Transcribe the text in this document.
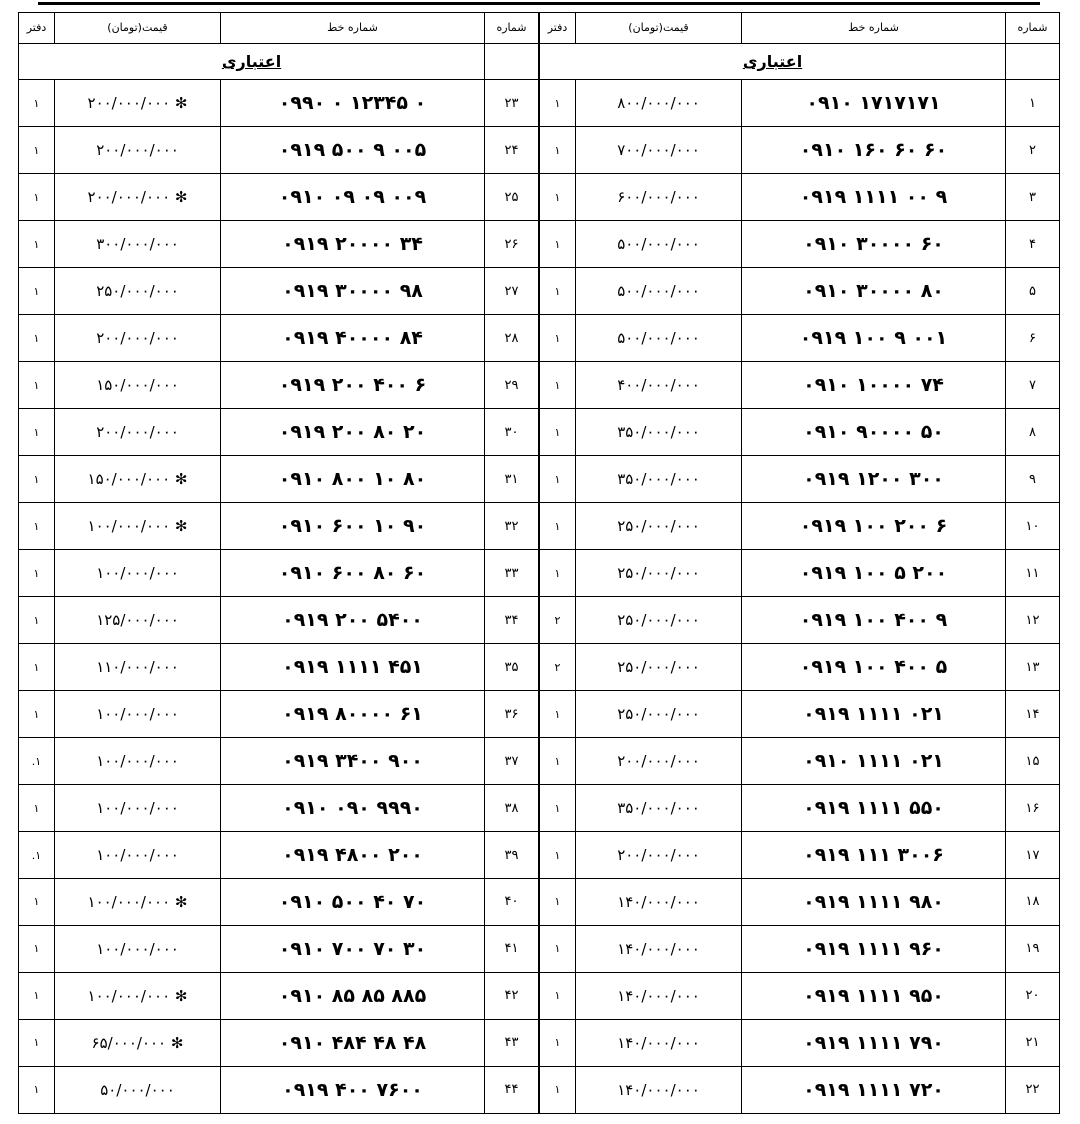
شماره	شماره خط	قیمت(تومان)	دفتر
	اعتباری		
۱	۰۹۱۰ ۱۷۱۷۱۷۱	۸۰۰/۰۰۰/۰۰۰	۱
۲	۰۹۱۰ ۱۶۰ ۶۰ ۶۰	۷۰۰/۰۰۰/۰۰۰	۱
۳	۰۹۱۹ ۱۱۱۱ ۰۰ ۹	۶۰۰/۰۰۰/۰۰۰	۱
۴	۰۹۱۰ ۳۰۰۰۰ ۶۰	۵۰۰/۰۰۰/۰۰۰	۱
۵	۰۹۱۰ ۳۰۰۰۰ ۸۰	۵۰۰/۰۰۰/۰۰۰	۱
۶	۰۹۱۹ ۱۰۰ ۹ ۰۰۱	۵۰۰/۰۰۰/۰۰۰	۱
۷	۰۹۱۰ ۱۰۰۰۰ ۷۴	۴۰۰/۰۰۰/۰۰۰	۱
۸	۰۹۱۰ ۹۰۰۰۰ ۵۰	۳۵۰/۰۰۰/۰۰۰	۱
۹	۰۹۱۹ ۱۲۰۰ ۳۰۰	۳۵۰/۰۰۰/۰۰۰	۱
۱۰	۰۹۱۹ ۱۰۰ ۲۰۰ ۶	۲۵۰/۰۰۰/۰۰۰	۱
۱۱	۰۹۱۹ ۱۰۰ ۵ ۲۰۰	۲۵۰/۰۰۰/۰۰۰	۱
۱۲	۰۹۱۹ ۱۰۰ ۴۰۰ ۹	۲۵۰/۰۰۰/۰۰۰	۲
۱۳	۰۹۱۹ ۱۰۰ ۴۰۰ ۵	۲۵۰/۰۰۰/۰۰۰	۲
۱۴	۰۹۱۹ ۱۱۱۱ ۰۲۱	۲۵۰/۰۰۰/۰۰۰	۱
۱۵	۰۹۱۰ ۱۱۱۱ ۰۲۱	۲۰۰/۰۰۰/۰۰۰	۱
۱۶	۰۹۱۹ ۱۱۱۱ ۵۵۰	۳۵۰/۰۰۰/۰۰۰	۱
۱۷	۰۹۱۹ ۱۱۱ ۳۰۰۶	۲۰۰/۰۰۰/۰۰۰	۱
۱۸	۰۹۱۹ ۱۱۱۱ ۹۸۰	۱۴۰/۰۰۰/۰۰۰	۱
۱۹	۰۹۱۹ ۱۱۱۱ ۹۶۰	۱۴۰/۰۰۰/۰۰۰	۱
۲۰	۰۹۱۹ ۱۱۱۱ ۹۵۰	۱۴۰/۰۰۰/۰۰۰	۱
۲۱	۰۹۱۹ ۱۱۱۱ ۷۹۰	۱۴۰/۰۰۰/۰۰۰	۱
۲۲	۰۹۱۹ ۱۱۱۱ ۷۲۰	۱۴۰/۰۰۰/۰۰۰	۱
شماره	شماره خط	قیمت(تومان)	دفتر
	اعتباری		
۲۳	۰۹۹۰ ۰ ۱۲۳۴۵ ۰	۲۰۰/۰۰۰/۰۰۰ ✻	۱
۲۴	۰۹۱۹ ۵۰۰ ۹ ۰۰۵	۲۰۰/۰۰۰/۰۰۰	۱
۲۵	۰۹۱۰ ۰۹ ۰۹ ۰۰۹	۲۰۰/۰۰۰/۰۰۰ ✻	۱
۲۶	۰۹۱۹ ۲۰۰۰۰ ۳۴	۳۰۰/۰۰۰/۰۰۰	۱
۲۷	۰۹۱۹ ۳۰۰۰۰ ۹۸	۲۵۰/۰۰۰/۰۰۰	۱
۲۸	۰۹۱۹ ۴۰۰۰۰ ۸۴	۲۰۰/۰۰۰/۰۰۰	۱
۲۹	۰۹۱۹ ۲۰۰ ۴۰۰ ۶	۱۵۰/۰۰۰/۰۰۰	۱
۳۰	۰۹۱۹ ۲۰۰ ۸۰ ۲۰	۲۰۰/۰۰۰/۰۰۰	۱
۳۱	۰۹۱۰ ۸۰۰ ۱۰ ۸۰	۱۵۰/۰۰۰/۰۰۰ ✻	۱
۳۲	۰۹۱۰ ۶۰۰ ۱۰ ۹۰	۱۰۰/۰۰۰/۰۰۰ ✻	۱
۳۳	۰۹۱۰ ۶۰۰ ۸۰ ۶۰	۱۰۰/۰۰۰/۰۰۰	۱
۳۴	۰۹۱۹ ۲۰۰ ۵۴۰۰	۱۲۵/۰۰۰/۰۰۰	۱
۳۵	۰۹۱۹ ۱۱۱۱ ۴۵۱	۱۱۰/۰۰۰/۰۰۰	۱
۳۶	۰۹۱۹ ۸۰۰۰۰ ۶۱	۱۰۰/۰۰۰/۰۰۰	۱
۳۷	۰۹۱۹ ۳۴۰۰ ۹۰۰	۱۰۰/۰۰۰/۰۰۰	۱.
۳۸	۰۹۱۰ ۰۹۰ ۹۹۹۰	۱۰۰/۰۰۰/۰۰۰	۱
۳۹	۰۹۱۹ ۴۸۰۰ ۲۰۰	۱۰۰/۰۰۰/۰۰۰	۱.
۴۰	۰۹۱۰ ۵۰۰ ۴۰ ۷۰	۱۰۰/۰۰۰/۰۰۰ ✻	۱
۴۱	۰۹۱۰ ۷۰۰ ۷۰ ۳۰	۱۰۰/۰۰۰/۰۰۰	۱
۴۲	۰۹۱۰ ۸۵ ۸۵ ۸۸۵	۱۰۰/۰۰۰/۰۰۰ ✻	۱
۴۳	۰۹۱۰ ۴۸۴ ۴۸ ۴۸	۶۵/۰۰۰/۰۰۰ ✻	۱
۴۴	۰۹۱۹ ۴۰۰ ۷۶۰۰	۵۰/۰۰۰/۰۰۰	۱
